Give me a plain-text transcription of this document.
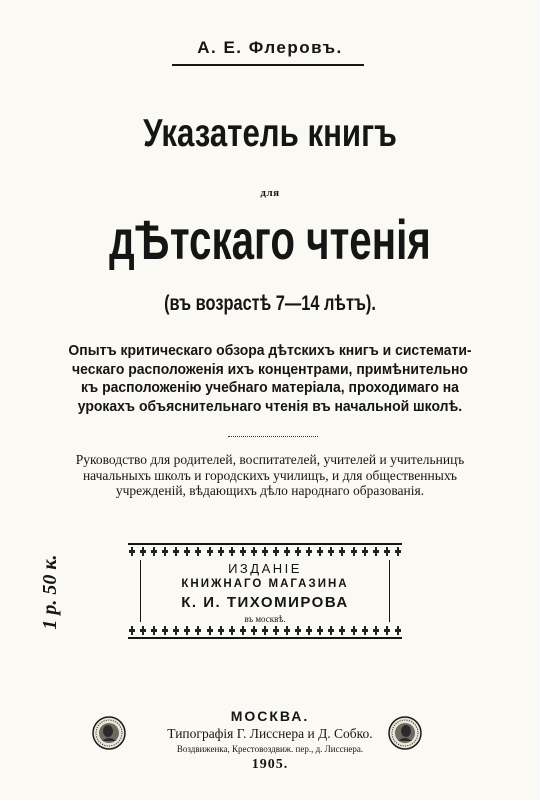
А. Е. Флеровъ.
Указатель книгъ
для
дѢтскаго чтенія
(въ возрастѣ 7—14 лѣтъ).
Опытъ критическаго обзора дѣтскихъ книгъ и системати-
ческаго расположенія ихъ концентрами, примѣнительно
къ расположенію учебнаго матеріала, проходимаго на
урокахъ объяснительнаго чтенія въ начальной школѣ.
Руководство для родителей, воспитателей, учителей и учительницъ
начальныхъ школъ и городскихъ училищъ, и для общественныхъ
учрежденій, вѣдающихъ дѣло народнаго образованія.
1 р. 50 к.	ИЗДАНІЕ
КНИЖНАГО МАГАЗИНА
К. И. ТИХОМИРОВА
въ москвѣ.
МОСКВА.
Типографія Г. Лисснера и Д. Собко.
Воздвиженка, Крестовоздвиж. пер., д. Лисснера.
1905.
